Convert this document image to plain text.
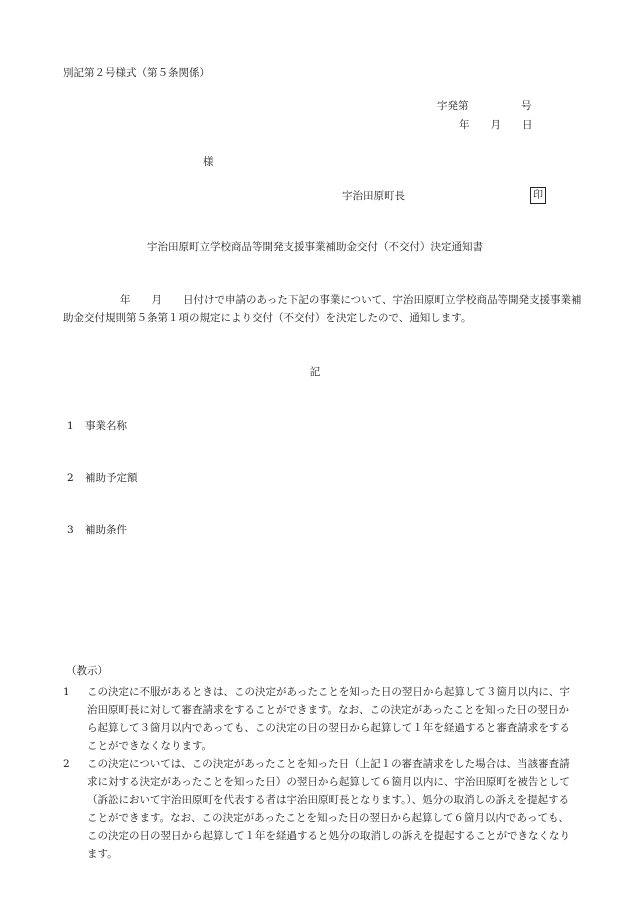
別記第２号様式（第５条関係）
宇発第　　　　　号
年　　月　　日
様
宇治田原町長	印
宇治田原町立学校商品等開発支援事業補助金交付（不交付）決定通知書
年　　月　　日付けで申請のあった下記の事業について、宇治田原町立学校商品等開発支援事業補助金交付規則第５条第１項の規定により交付（不交付）を決定したので、通知します。
記
1 事業名称
2 補助予定額
3 補助条件
（教示）
1	この決定に不服があるときは、この決定があったことを知った日の翌日から起算して３箇月以内に、宇治田原町長に対して審査請求をすることができます。なお、この決定があったことを知った日の翌日から起算して３箇月以内であっても、この決定の日の翌日から起算して１年を経過すると審査請求をすることができなくなります。
2	この決定については、この決定があったことを知った日（上記１の審査請求をした場合は、当該審査請求に対する決定があったことを知った日）の翌日から起算して６箇月以内に、宇治田原町を被告として（訴訟において宇治田原町を代表する者は宇治田原町長となります。）、処分の取消しの訴えを提起することができます。なお、この決定があったことを知った日の翌日から起算して６箇月以内であっても、この決定の日の翌日から起算して１年を経過すると処分の取消しの訴えを提起することができなくなります。
